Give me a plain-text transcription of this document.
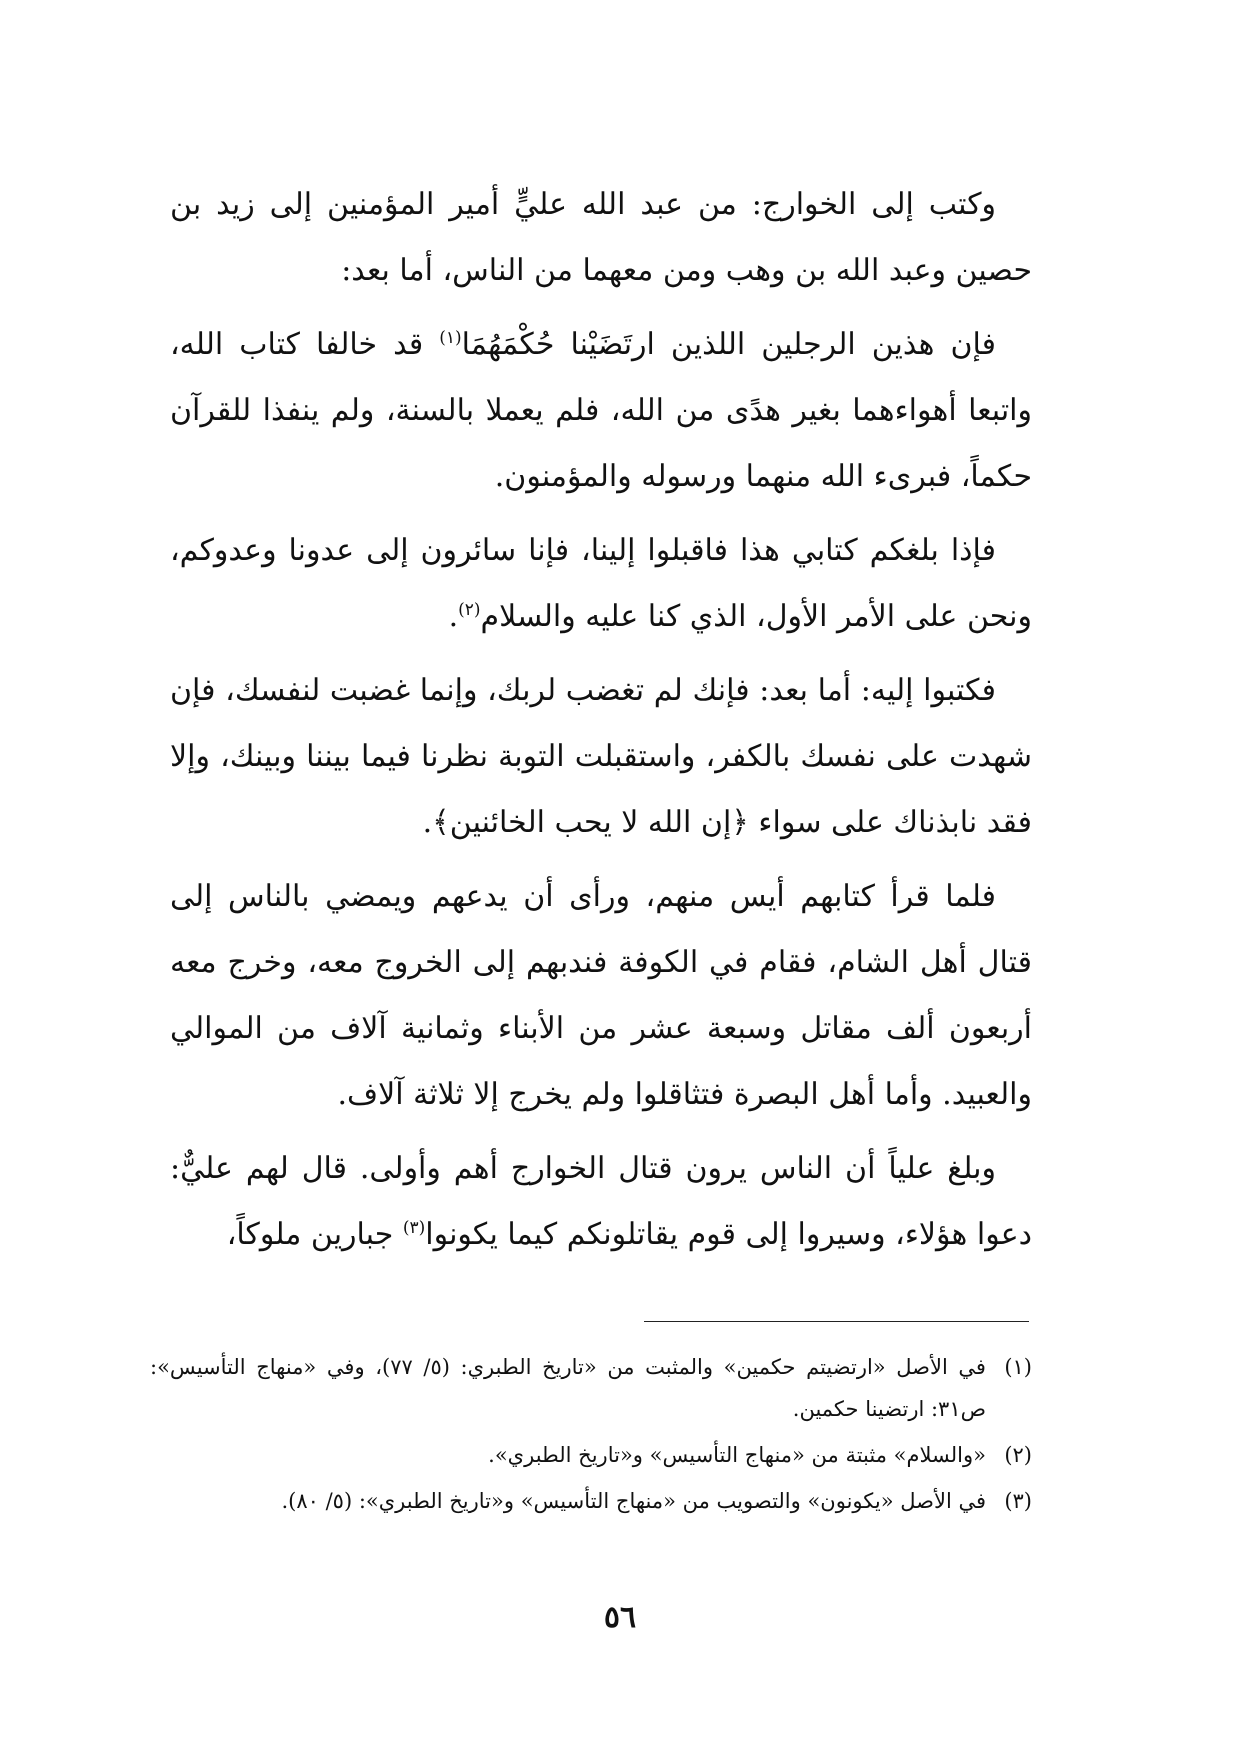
وكتب إلى الخوارج: من عبد الله عليٍّ أمير المؤمنين إلى زيد بن حصين وعبد الله بن وهب ومن معهما من الناس، أما بعد:

فإن هذين الرجلين اللذين ارتَضَيْنا حُكْمَهُمَا$^{(١)}$ قد خالفا كتاب الله، واتبعا أهواءهما بغير هدًى من الله، فلم يعملا بالسنة، ولم ينفذا للقرآن حكماً، فبرىء الله منهما ورسوله والمؤمنون.

فإذا بلغكم كتابي هذا فاقبلوا إلينا، فإنا سائرون إلى عدونا وعدوكم، ونحن على الأمر الأول، الذي كنا عليه والسلام$^{(٢)}$.

فكتبوا إليه: أما بعد: فإنك لم تغضب لربك، وإنما غضبت لنفسك، فإن شهدت على نفسك بالكفر، واستقبلت التوبة نظرنا فيما بيننا وبينك، وإلا فقد نابذناك على سواء ﴿إن الله لا يحب الخائنين﴾.

فلما قرأ كتابهم أيس منهم، ورأى أن يدعهم ويمضي بالناس إلى قتال أهل الشام، فقام في الكوفة فندبهم إلى الخروج معه، وخرج معه أربعون ألف مقاتل وسبعة عشر من الأبناء وثمانية آلاف من الموالي والعبيد. وأما أهل البصرة فتثاقلوا ولم يخرج إلا ثلاثة آلاف.

وبلغ علياً أن الناس يرون قتال الخوارج أهم وأولى. قال لهم عليٌّ: دعوا هؤلاء، وسيروا إلى قوم يقاتلونكم كيما يكونوا$^{(٣)}$ جبارين ملوكاً،

(١)
في الأصل «ارتضيتم حكمين» والمثبت من «تاريخ الطبري: (٥/ ٧٧)، وفي «منهاج التأسيس»: ص٣١: ارتضينا حكمين.
(٢)
«والسلام» مثبتة من «منهاج التأسيس» و«تاريخ الطبري».
(٣)
في الأصل «يكونون» والتصويب من «منهاج التأسيس» و«تاريخ الطبري»: (٥/ ٨٠).
٥٦
